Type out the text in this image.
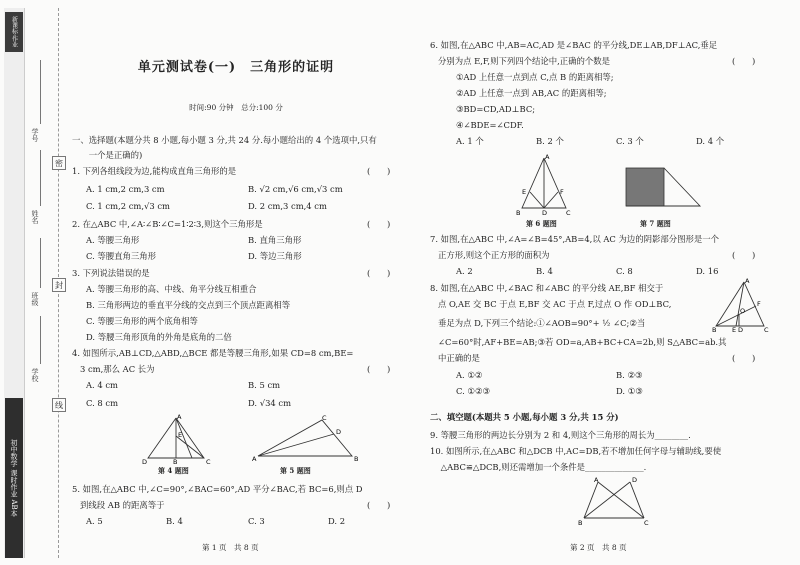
新课标·作业
初中数学 课时作业 AB本
学号
姓名
班级
学校
密
封
线
单元测试卷(一)　三角形的证明
时间:90 分钟　总分:100 分
一、选择题(本题分共 8 小题,每小题 3 分,共 24 分.每小题给出的 4 个选项中,只有
　　一个是正确的)
1. 下列各组线段为边,能构成直角三角形的是	(　　)
A. 1 cm,2 cm,3 cm	B. √2 cm,√6 cm,√3 cm
C. 1 cm,2 cm,√3 cm	D. 2 cm,3 cm,4 cm
2. 在△ABC 中,∠A∶∠B∶∠C=1∶2∶3,则这个三角形是	(　　)
A. 等腰三角形	B. 直角三角形
C. 等腰直角三角形	D. 等边三角形
3. 下列说法错误的是	(　　)
A. 等腰三角形的高、中线、角平分线互相重合
B. 三角形两边的垂直平分线的交点到三个顶点距离相等
C. 等腰三角形的两个底角相等
D. 等腰三角形顶角的外角是底角的二倍
4. 如图所示,AB⊥CD,△ABD,△BCE 都是等腰三角形,如果 CD=8 cm,BE=
3 cm,那么 AC 长为	(　　)
A. 4 cm	B. 5 cm
C. 8 cm	D. √34 cm
A
D	B	C
E
第 4 题图
A	B
C
D
第 5 题图
5. 如图,在△ABC 中,∠C=90°,∠BAC=60°,AD 平分∠BAC,若 BC=6,则点 D
到线段 AB 的距离等于	(　　)
A. 5	B. 4	C. 3	D. 2
第 1 页　共 8 页
6. 如图,在△ABC 中,AB=AC,AD 是∠BAC 的平分线,DE⊥AB,DF⊥AC,垂足
分别为点 E,F,则下列四个结论中,正确的个数是	(　　)
①AD 上任意一点到点 C,点 B 的距离相等;
②AD 上任意一点到 AB,AC 的距离相等;
③BD=CD,AD⊥BC;
④∠BDE=∠CDF.
A. 1 个	B. 2 个	C. 3 个	D. 4 个
A
B	D	C
E	F
第 6 题图	第 7 题图
7. 如图,在△ABC 中,∠A=∠B=45°,AB=4,以 AC 为边的阴影部分图形是一个
正方形,则这个正方形的面积为	(　　)
A. 2	B. 4	C. 8	D. 16
8. 如图,在△ABC 中,∠BAC 和∠ABC 的平分线 AE,BF 相交于
点 O,AE 交 BC 于点 E,BF 交 AC 于点 F,过点 O 作 OD⊥BC,
垂足为点 D,下列三个结论:①∠AOB=90°+ ½ ∠C;②当
∠C=60°时,AF+BE=AB;③若 OD=a,AB+BC+CA=2b,则 S△ABC=ab.其
中正确的是	(　　)
A
B	D
E	C
F
O
A. ①②	B. ②③
C. ①②③	D. ①③
二、填空题(本题共 5 小题,每小题 3 分,共 15 分)
9. 等腰三角形的两边长分别为 2 和 4,则这个三角形的周长为________.
10. 如图所示,在△ABC 和△DCB 中,AC=DB,若不增加任何字母与辅助线,要使
△ABC≌△DCB,则还需增加一个条件是______________.
A	D
B	C
第 2 页　共 8 页
